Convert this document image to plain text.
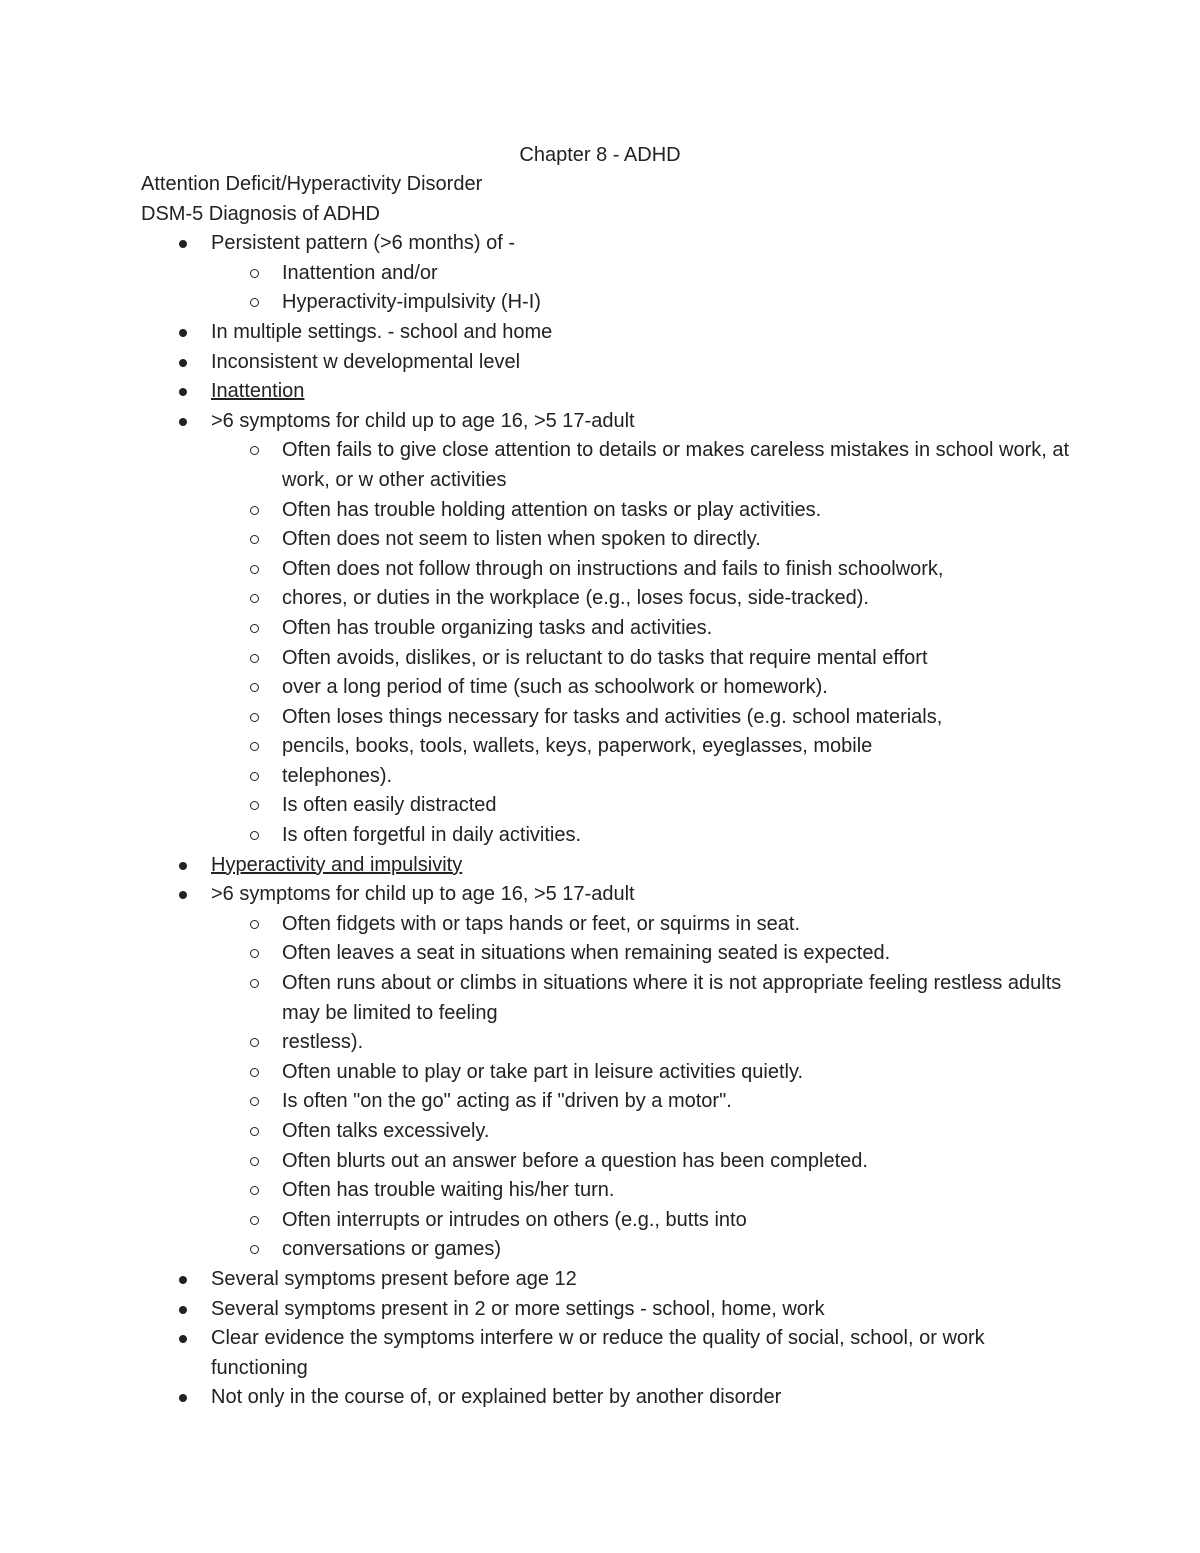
Chapter 8 - ADHD
Attention Deficit/Hyperactivity Disorder
DSM-5 Diagnosis of ADHD
Persistent pattern (>6 months) of -
Inattention and/or
Hyperactivity-impulsivity (H-I)
In multiple settings. - school and home
Inconsistent w developmental level
Inattention
>6 symptoms for child up to age 16, >5 17-adult
Often fails to give close attention to details or makes careless mistakes in school work, at work, or w other activities
Often has trouble holding attention on tasks or play activities.
Often does not seem to listen when spoken to directly.
Often does not follow through on instructions and fails to finish schoolwork,
chores, or duties in the workplace (e.g., loses focus, side-tracked).
Often has trouble organizing tasks and activities.
Often avoids, dislikes, or is reluctant to do tasks that require mental effort
over a long period of time (such as schoolwork or homework).
Often loses things necessary for tasks and activities (e.g. school materials,
pencils, books, tools, wallets, keys, paperwork, eyeglasses, mobile
telephones).
Is often easily distracted
Is often forgetful in daily activities.
Hyperactivity and impulsivity
>6 symptoms for child up to age 16, >5 17-adult
Often fidgets with or taps hands or feet, or squirms in seat.
Often leaves a seat in situations when remaining seated is expected.
Often runs about or climbs in situations where it is not appropriate feeling restless adults may be limited to feeling
restless).
Often unable to play or take part in leisure activities quietly.
Is often "on the go" acting as if "driven by a motor".
Often talks excessively.
Often blurts out an answer before a question has been completed.
Often has trouble waiting his/her turn.
Often interrupts or intrudes on others (e.g., butts into
conversations or games)
Several symptoms present before age 12
Several symptoms present in 2 or more settings - school, home, work
Clear evidence the symptoms interfere w or reduce the quality of social, school, or work functioning
Not only in the course of, or explained better by another disorder
